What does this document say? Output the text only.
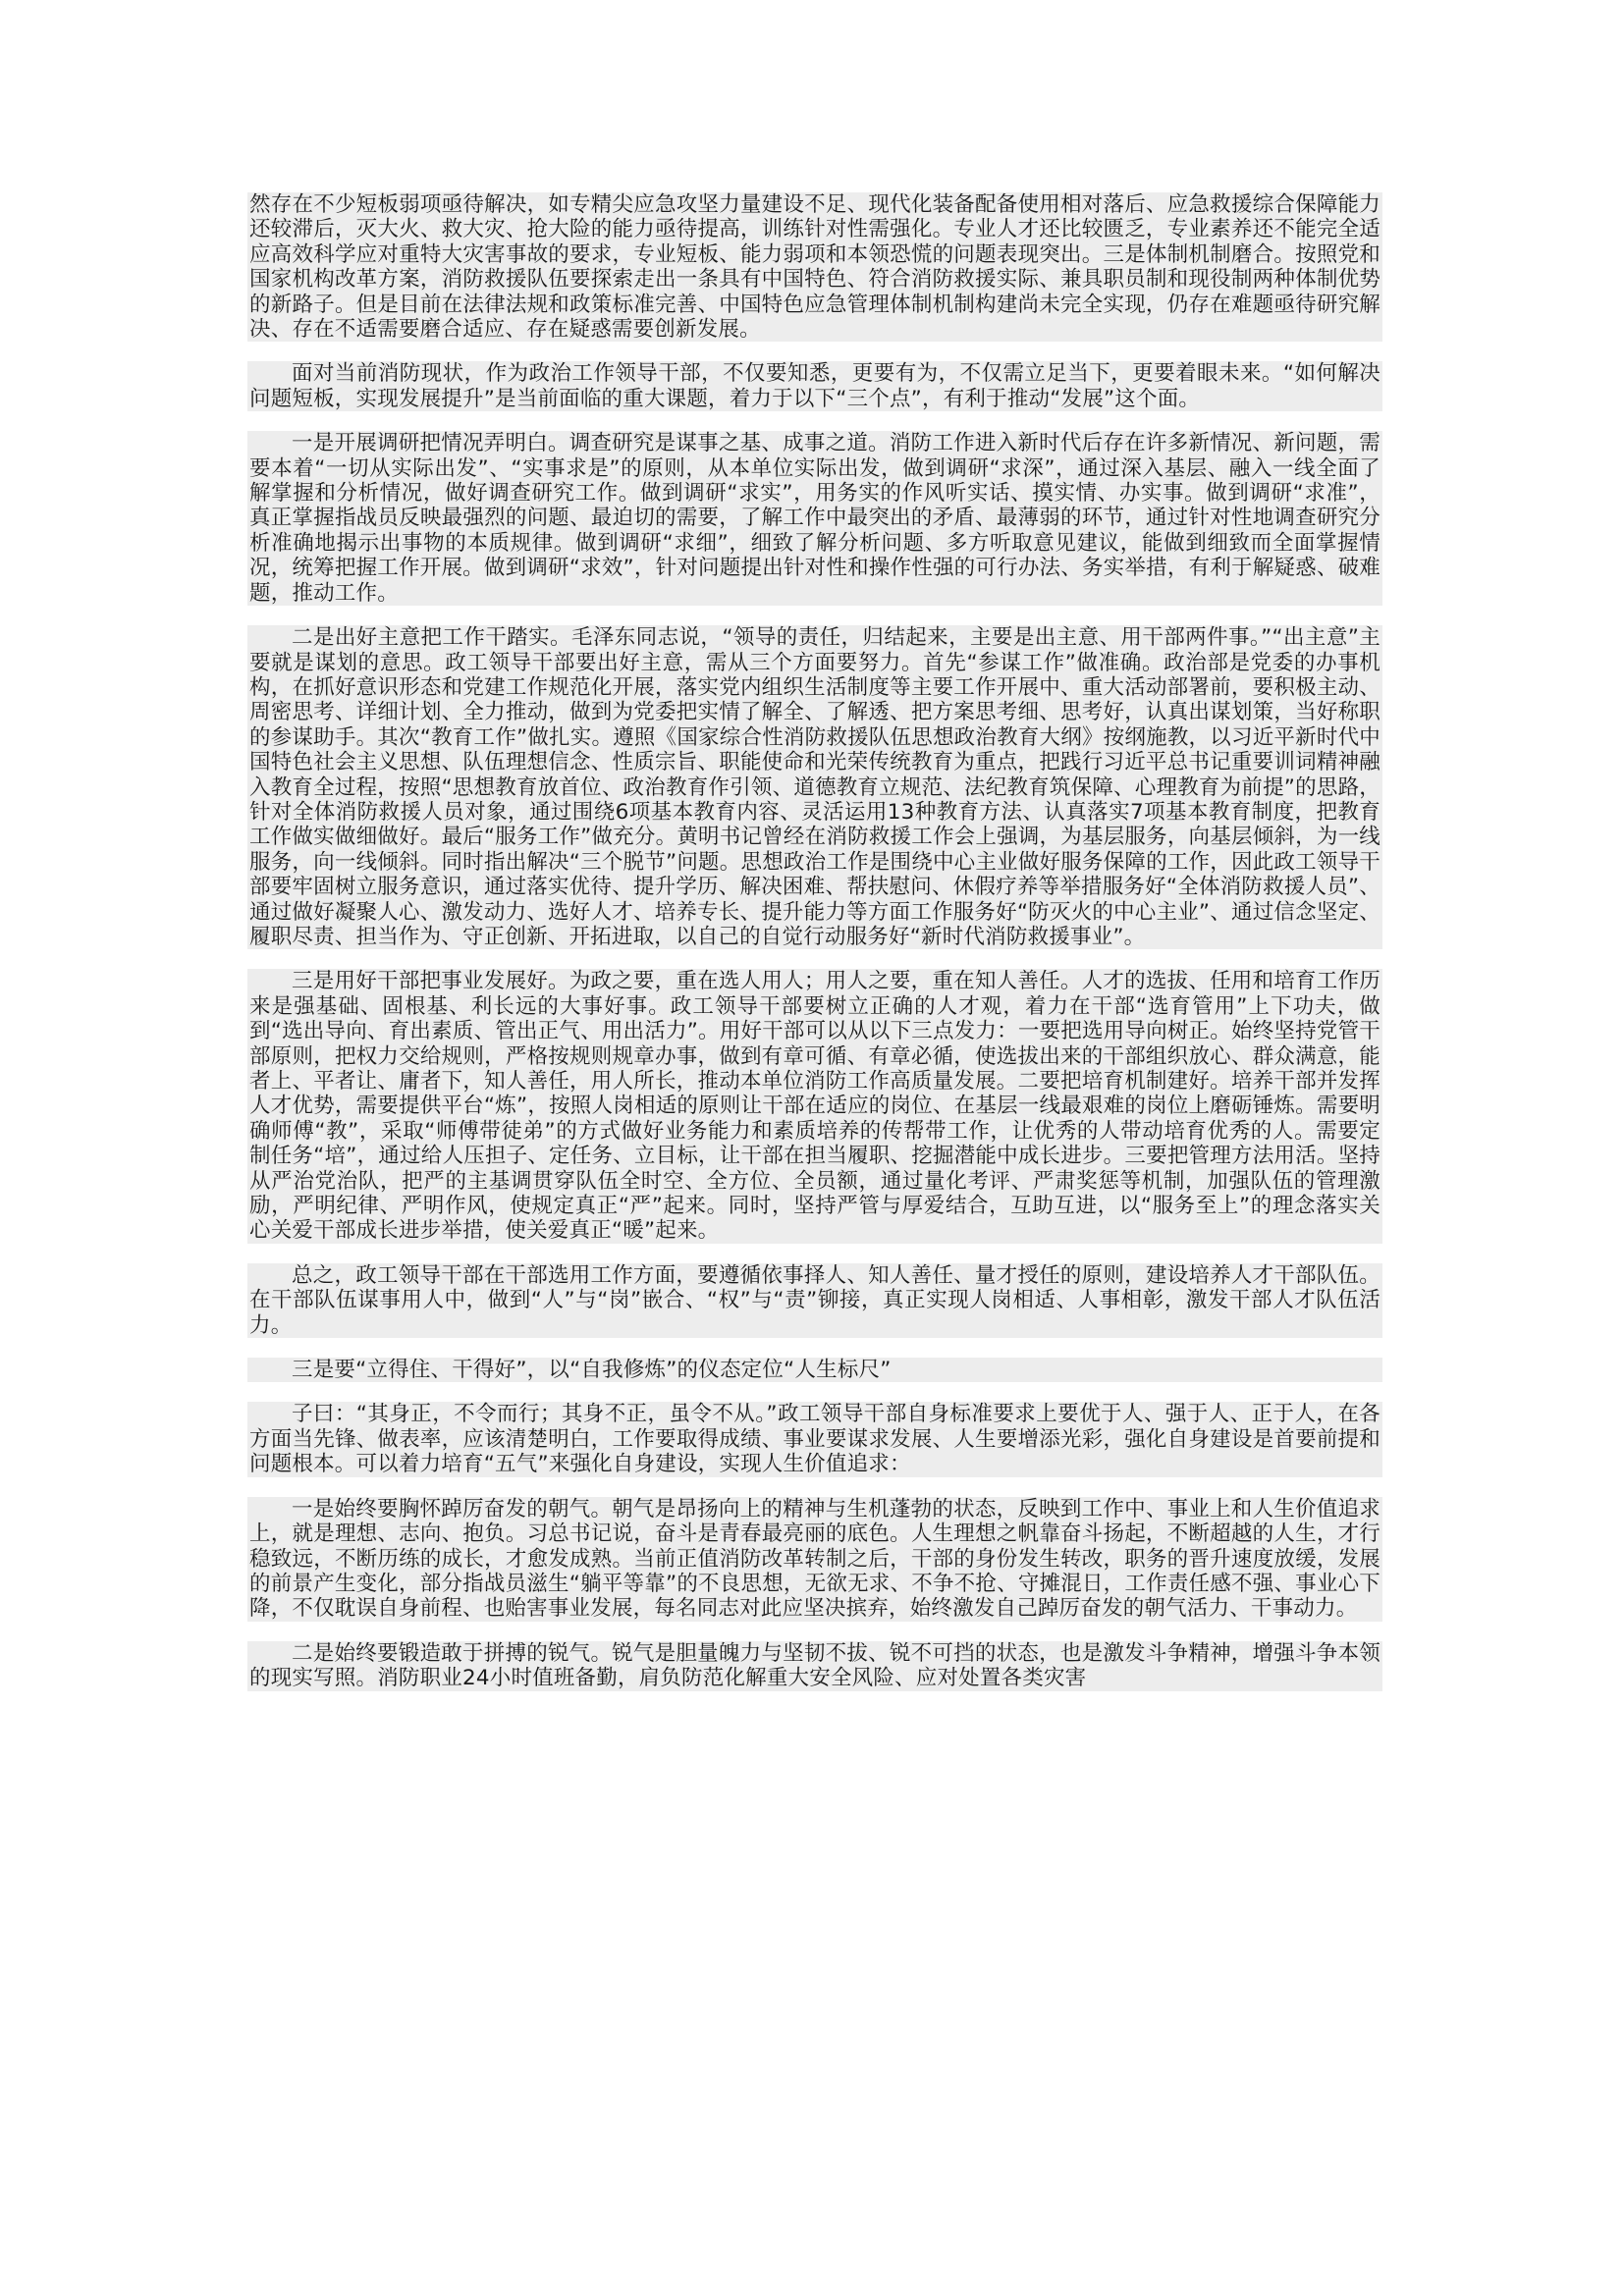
然存在不少短板弱项亟待解决，如专精尖应急攻坚力量建设不足、现代化装备配备使用相对落后、应急救援综合保障能力还较滞后，灭大火、救大灾、抢大险的能力亟待提高，训练针对性需强化。专业人才还比较匮乏，专业素养还不能完全适应高效科学应对重特大灾害事故的要求，专业短板、能力弱项和本领恐慌的问题表现突出。三是体制机制磨合。按照党和国家机构改革方案，消防救援队伍要探索走出一条具有中国特色、符合消防救援实际、兼具职员制和现役制两种体制优势的新路子。但是目前在法律法规和政策标准完善、中国特色应急管理体制机制构建尚未完全实现，仍存在难题亟待研究解决、存在不适需要磨合适应、存在疑惑需要创新发展。

面对当前消防现状，作为政治工作领导干部，不仅要知悉，更要有为，不仅需立足当下，更要着眼未来。“如何解决问题短板，实现发展提升”是当前面临的重大课题，着力于以下“三个点”，有利于推动“发展”这个面。

一是开展调研把情况弄明白。调查研究是谋事之基、成事之道。消防工作进入新时代后存在许多新情况、新问题，需要本着“一切从实际出发”、“实事求是”的原则，从本单位实际出发，做到调研“求深”，通过深入基层、融入一线全面了解掌握和分析情况，做好调查研究工作。做到调研“求实”，用务实的作风听实话、摸实情、办实事。做到调研“求准”，真正掌握指战员反映最强烈的问题、最迫切的需要，了解工作中最突出的矛盾、最薄弱的环节，通过针对性地调查研究分析准确地揭示出事物的本质规律。做到调研“求细”，细致了解分析问题、多方听取意见建议，能做到细致而全面掌握情况，统筹把握工作开展。做到调研“求效”，针对问题提出针对性和操作性强的可行办法、务实举措，有利于解疑惑、破难题，推动工作。

二是出好主意把工作干踏实。毛泽东同志说，“领导的责任，归结起来，主要是出主意、用干部两件事。”“出主意”主要就是谋划的意思。政工领导干部要出好主意，需从三个方面要努力。首先“参谋工作”做准确。政治部是党委的办事机构，在抓好意识形态和党建工作规范化开展，落实党内组织生活制度等主要工作开展中、重大活动部署前，要积极主动、周密思考、详细计划、全力推动，做到为党委把实情了解全、了解透、把方案思考细、思考好，认真出谋划策，当好称职的参谋助手。其次“教育工作”做扎实。遵照《国家综合性消防救援队伍思想政治教育大纲》按纲施教，以习近平新时代中国特色社会主义思想、队伍理想信念、性质宗旨、职能使命和光荣传统教育为重点，把践行习近平总书记重要训词精神融入教育全过程，按照“思想教育放首位、政治教育作引领、道德教育立规范、法纪教育筑保障、心理教育为前提”的思路，针对全体消防救援人员对象，通过围绕6项基本教育内容、灵活运用13种教育方法、认真落实7项基本教育制度，把教育工作做实做细做好。最后“服务工作”做充分。黄明书记曾经在消防救援工作会上强调，为基层服务，向基层倾斜，为一线服务，向一线倾斜。同时指出解决“三个脱节”问题。思想政治工作是围绕中心主业做好服务保障的工作，因此政工领导干部要牢固树立服务意识，通过落实优待、提升学历、解决困难、帮扶慰问、休假疗养等举措服务好“全体消防救援人员”、通过做好凝聚人心、激发动力、选好人才、培养专长、提升能力等方面工作服务好“防灭火的中心主业”、通过信念坚定、履职尽责、担当作为、守正创新、开拓进取，以自己的自觉行动服务好“新时代消防救援事业”。

三是用好干部把事业发展好。为政之要，重在选人用人；用人之要，重在知人善任。人才的选拔、任用和培育工作历来是强基础、固根基、利长远的大事好事。政工领导干部要树立正确的人才观，着力在干部“选育管用”上下功夫，做到“选出导向、育出素质、管出正气、用出活力”。用好干部可以从以下三点发力：一要把选用导向树正。始终坚持党管干部原则，把权力交给规则，严格按规则规章办事，做到有章可循、有章必循，使选拔出来的干部组织放心、群众满意，能者上、平者让、庸者下，知人善任，用人所长，推动本单位消防工作高质量发展。二要把培育机制建好。培养干部并发挥人才优势，需要提供平台“炼”，按照人岗相适的原则让干部在适应的岗位、在基层一线最艰难的岗位上磨砺锤炼。需要明确师傅“教”，采取“师傅带徒弟”的方式做好业务能力和素质培养的传帮带工作，让优秀的人带动培育优秀的人。需要定制任务“培”，通过给人压担子、定任务、立目标，让干部在担当履职、挖掘潜能中成长进步。三要把管理方法用活。坚持从严治党治队，把严的主基调贯穿队伍全时空、全方位、全员额，通过量化考评、严肃奖惩等机制，加强队伍的管理激励，严明纪律、严明作风，使规定真正“严”起来。同时，坚持严管与厚爱结合，互助互进，以“服务至上”的理念落实关心关爱干部成长进步举措，使关爱真正“暖”起来。

总之，政工领导干部在干部选用工作方面，要遵循依事择人、知人善任、量才授任的原则，建设培养人才干部队伍。在干部队伍谋事用人中，做到“人”与“岗”嵌合、“权”与“责”铆接，真正实现人岗相适、人事相彰，激发干部人才队伍活力。

三是要“立得住、干得好”，以“自我修炼”的仪态定位“人生标尺”

子曰：“其身正，不令而行；其身不正，虽令不从。”政工领导干部自身标准要求上要优于人、强于人、正于人，在各方面当先锋、做表率，应该清楚明白，工作要取得成绩、事业要谋求发展、人生要增添光彩，强化自身建设是首要前提和问题根本。可以着力培育“五气”来强化自身建设，实现人生价值追求：

一是始终要胸怀踔厉奋发的朝气。朝气是昂扬向上的精神与生机蓬勃的状态，反映到工作中、事业上和人生价值追求上，就是理想、志向、抱负。习总书记说，奋斗是青春最亮丽的底色。人生理想之帆靠奋斗扬起，不断超越的人生，才行稳致远，不断历练的成长，才愈发成熟。当前正值消防改革转制之后，干部的身份发生转改，职务的晋升速度放缓，发展的前景产生变化，部分指战员滋生“躺平等靠”的不良思想，无欲无求、不争不抢、守摊混日，工作责任感不强、事业心下降，不仅耽误自身前程、也贻害事业发展，每名同志对此应坚决摈弃，始终激发自己踔厉奋发的朝气活力、干事动力。

二是始终要锻造敢于拼搏的锐气。锐气是胆量魄力与坚韧不拔、锐不可挡的状态，也是激发斗争精神，增强斗争本领的现实写照。消防职业24小时值班备勤，肩负防范化解重大安全风险、应对处置各类灾害
